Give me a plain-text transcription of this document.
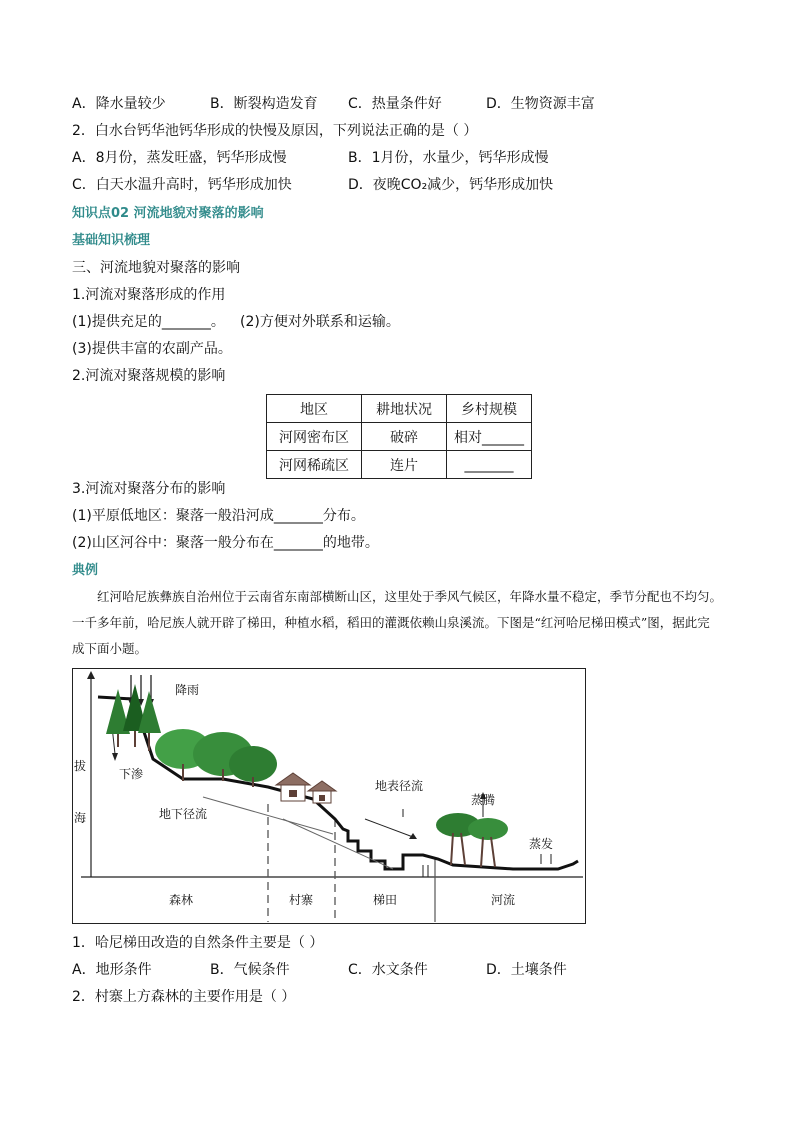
A．降水量较少	B．断裂构造发育 C．热量条件好	D．生物资源丰富
2．白水台钙华池钙华形成的快慢及原因，下列说法正确的是（ ）
A．8月份，蒸发旺盛，钙华形成慢	B．1月份，水量少，钙华形成慢
C．白天水温升高时，钙华形成加快	D．夜晚CO₂减少，钙华形成加快
知识点02 河流地貌对聚落的影响
基础知识梳理
三、河流地貌对聚落的影响
1.河流对聚落形成的作用
(1)提供充足的_______。 (2)方便对外联系和运输。
(3)提供丰富的农副产品。
2.河流对聚落规模的影响
地区	耕地状况	乡村规模
河网密布区	破碎	相对______
河网稀疏区	连片	_______
3.河流对聚落分布的影响
(1)平原低地区：聚落一般沿河成_______分布。
(2)山区河谷中：聚落一般分布在_______的地带。
典例
红河哈尼族彝族自治州位于云南省东南部横断山区，这里处于季风气候区，年降水量不稳定，季节分配也不均匀。一千多年前，哈尼族人就开辟了梯田，种植水稻，稻田的灌溉依赖山泉溪流。下图是“红河哈尼梯田模式”图，据此完成下面小题。
降雨
下渗
地下径流
地表径流
蒸腾
蒸发
拔
海
森林	村寨	梯田	河流
1．哈尼梯田改造的自然条件主要是（ ）
A．地形条件	B．气候条件	C．水文条件	D．土壤条件
2．村寨上方森林的主要作用是（ ）
